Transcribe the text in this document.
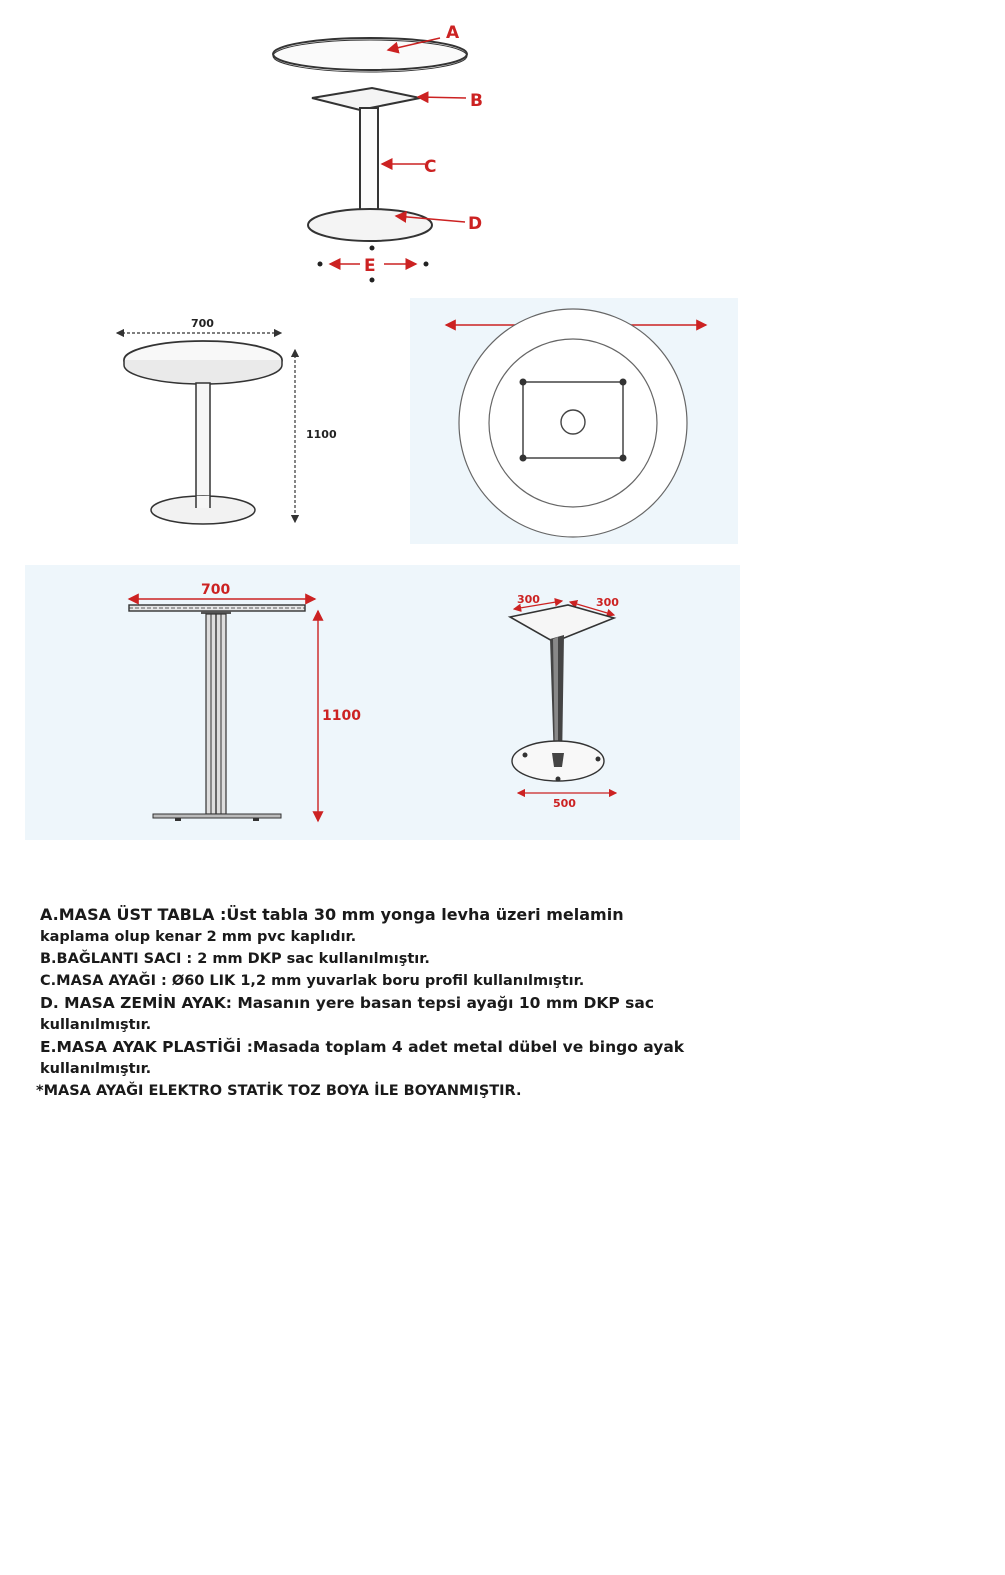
A
B
C
D
E
700
1100
700
1100
300	300
500

A.MASA ÜST TABLA :Üst tabla 30 mm yonga levha üzeri melamin

kaplama olup kenar 2 mm pvc kaplıdır.

B.BAĞLANTI SACI : 2 mm DKP sac kullanılmıştır.

C.MASA AYAĞI : Ø60 LIK 1,2 mm yuvarlak boru profil kullanılmıştır.

D. MASA ZEMİN AYAK: Masanın yere basan tepsi ayağı 10 mm DKP sac

kullanılmıştır.

E.MASA AYAK PLASTİĞİ :Masada toplam 4 adet metal dübel ve bingo ayak

kullanılmıştır.

*MASA AYAĞI ELEKTRO STATİK TOZ BOYA İLE BOYANMIŞTIR.
